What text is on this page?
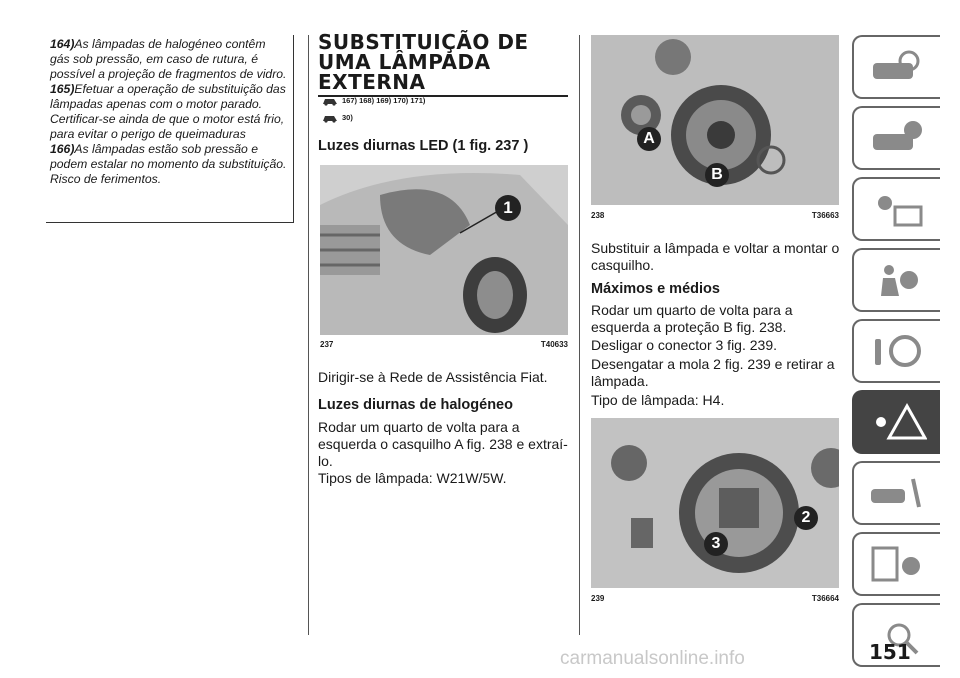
164)As lâmpadas de halogéneo contêm gás sob pressão, em caso de rutura, é possível a projeção de fragmentos de vidro.

165)Efetuar a operação de substituição das lâmpadas apenas com o motor parado. Certificar-se ainda de que o motor está frio, para evitar o perigo de queimaduras

166)As lâmpadas estão sob pressão e podem estalar no momento da substituição. Risco de ferimentos.

SUBSTITUIÇÃO DE
UMA LÂMPADA
EXTERNA
167) 168) 169) 170) 171)
30)
Luzes diurnas LED (1 fig. 237 )
1
237	T40633

Dirigir-se à Rede de Assistência Fiat.

Luzes diurnas de halogéneo

Rodar um quarto de volta para a esquerda o casquilho A fig. 238 e extraí-lo.

Tipos de lâmpada: W21W/5W.

A
B
238	T36663

Substituir a lâmpada e voltar a montar o casquilho.

Máximos e médios

Rodar um quarto de volta para a esquerda a proteção B fig. 238.

Desligar o conector 3 fig. 239.

Desengatar a mola 2 fig. 239 e retirar a lâmpada.

Tipo de lâmpada: H4.

2
3
239	T36664
151
carmanualsonline.info
